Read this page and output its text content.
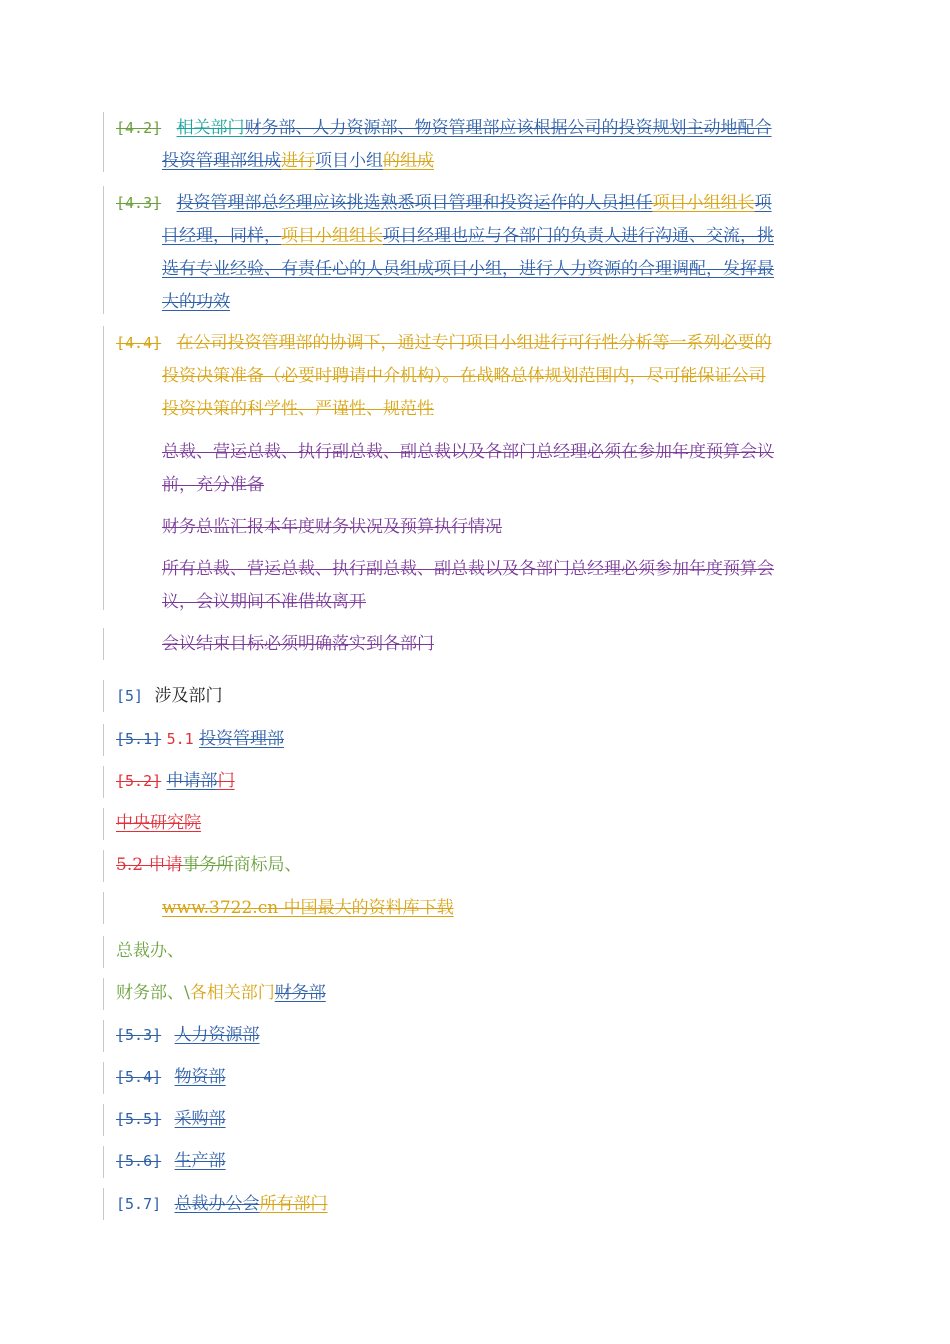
[4.2] 相关部门财务部、人力资源部、物资管理部应该根据公司的投资规划主动地配合
投资管理部组成进行项目小组的组成
[4.3] 投资管理部总经理应该挑选熟悉项目管理和投资运作的人员担任项目小组组长项
目经理，同样，项目小组组长项目经理也应与各部门的负责人进行沟通、交流，挑
选有专业经验、有责任心的人员组成项目小组，进行人力资源的合理调配，发挥最
大的功效
[4.4] 在公司投资管理部的协调下，通过专门项目小组进行可行性分析等一系列必要的
投资决策准备（必要时聘请中介机构）。在战略总体规划范围内，尽可能保证公司
投资决策的科学性、严谨性、规范性
总裁、营运总裁、执行副总裁、副总裁以及各部门总经理必须在参加年度预算会议
前，充分准备
财务总监汇报本年度财务状况及预算执行情况
所有总裁、营运总裁、执行副总裁、副总裁以及各部门总经理必须参加年度预算会
议，会议期间不准借故离开
会议结束目标必须明确落实到各部门
[5] 涉及部门
[5.1] 5.1 投资管理部
[5.2] 申请部门
中央研究院
5.2 申请事务所商标局、
www.3722.cn 中国最大的资料库下载
总裁办、
财务部、\各相关部门财务部
[5.3] 人力资源部
[5.4] 物资部
[5.5] 采购部
[5.6] 生产部
[5.7] 总裁办公会所有部门
